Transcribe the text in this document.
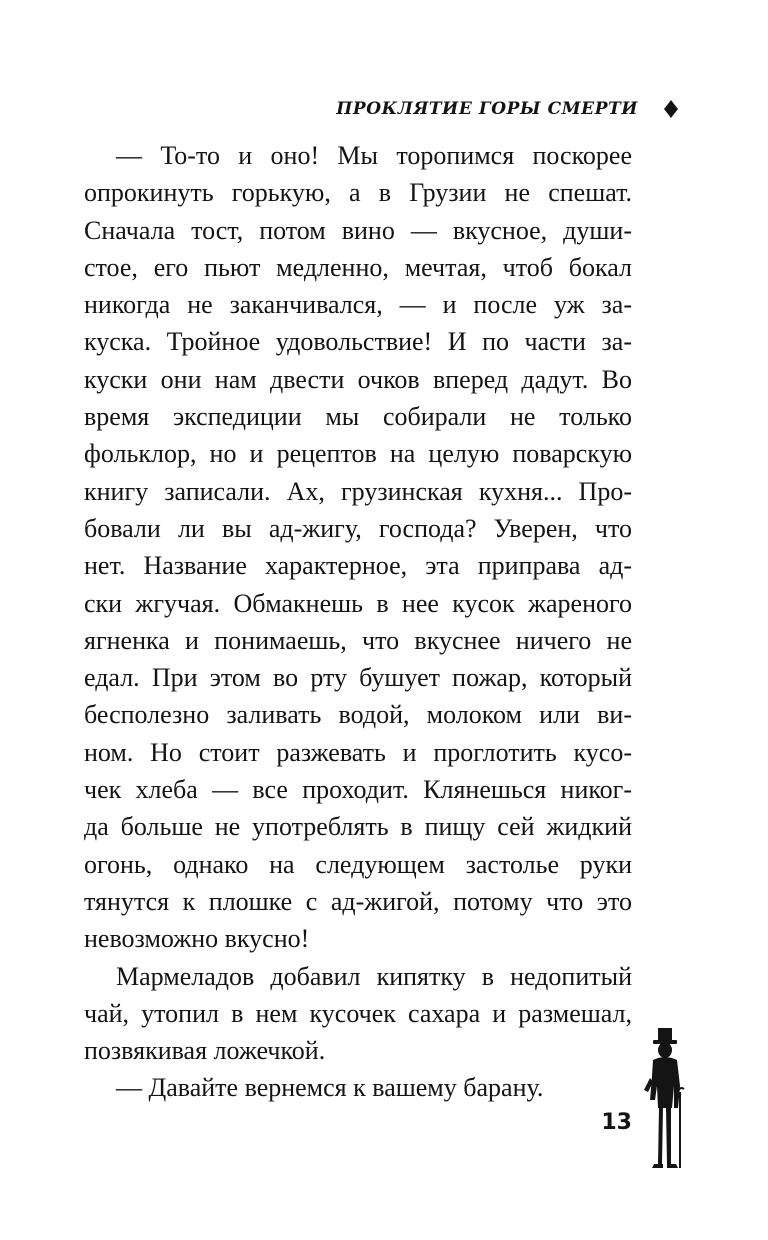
ПРОКЛЯТИЕ ГОРЫ СМЕРТИ
— То-то и оно! Мы торопимся поскорее
опрокинуть горькую, а в Грузии не спешат.
Сначала тост, потом вино — вкусное, души-
стое, его пьют медленно, мечтая, чтоб бокал
никогда не заканчивался, — и после уж за-
куска. Тройное удовольствие! И по части за-
куски они нам двести очков вперед дадут. Во
время экспедиции мы собирали не только
фольклор, но и рецептов на целую поварскую
книгу записали. Ах, грузинская кухня... Про-
бовали ли вы ад-жигу, господа? Уверен, что
нет. Название характерное, эта приправа ад-
ски жгучая. Обмакнешь в нее кусок жареного
ягненка и понимаешь, что вкуснее ничего не
едал. При этом во рту бушует пожар, который
бесполезно заливать водой, молоком или ви-
ном. Но стоит разжевать и проглотить кусо-
чек хлеба — все проходит. Клянешься никог-
да больше не употреблять в пищу сей жидкий
огонь, однако на следующем застолье руки
тянутся к плошке с ад-жигой, потому что это
невозможно вкусно!
Мармеладов добавил кипятку в недопитый
чай, утопил в нем кусочек сахара и размешал,
позвякивая ложечкой.
— Давайте вернемся к вашему барану.
13
